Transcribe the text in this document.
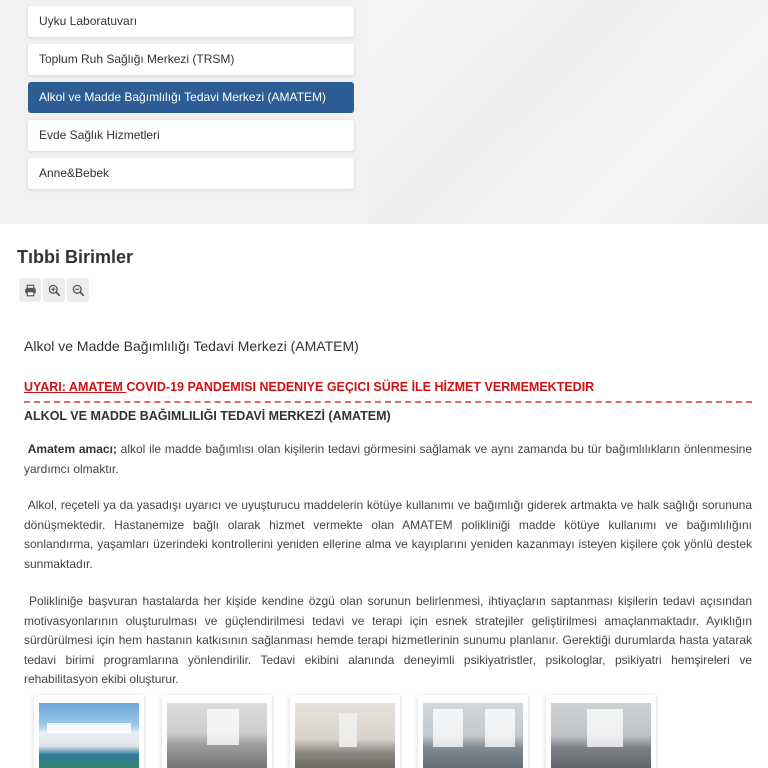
Uyku Laboratuvarı
Toplum Ruh Sağlığı Merkezi (TRSM)
Alkol ve Madde Bağımlılığı Tedavi Merkezi (AMATEM)
Evde Sağlık Hizmetleri
Anne&Bebek
Tıbbi Birimler
Alkol ve Madde Bağımlılığı Tedavi Merkezi (AMATEM)
UYARI: AMATEM COVID-19 PANDEMISI NEDENIYE GEÇICI SÜRE İLE HİZMET VERMEMEKTEDIR
ALKOL VE MADDE BAĞIMLILIĞI TEDAVİ MERKEZİ (AMATEM)

Amatem amacı; alkol ile madde bağımlısı olan kişilerin tedavi görmesini sağlamak ve aynı zamanda bu tür bağımlılıkların önlenmesine yardımcı olmaktır.

Alkol, reçeteli ya da yasadışı uyarıcı ve uyuşturucu maddelerin kötüye kullanımı ve bağımlığı giderek artmakta ve halk sağlığı sorununa dönüşmektedir. Hastanemize bağlı olarak hizmet vermekte olan AMATEM polikliniği madde kötüye kullanımı ve bağımlılığını sonlandırma, yaşamları üzerindeki kontrollerini yeniden ellerine alma ve kayıplarını yeniden kazanmayı isteyen kişilere çok yönlü destek sunmaktadır.

Polikliniğe başvuran hastalarda her kişide kendine özgü olan sorunun belirlenmesi, ihtiyaçların saptanması kişilerin tedavi açısından motivasyonlarının oluşturulması ve güçlendirilmesi tedavi ve terapi için esnek stratejiler geliştirilmesi amaçlanmaktadır. Ayıklığın sürdürülmesi için hem hastanın katkısının sağlanması hemde terapi hizmetlerinin sunumu planlanır. Gerektiği durumlarda hasta yatarak tedavi birimi programlarına yönlendirilir. Tedavi ekibini alanında deneyimli psikiyatristler, psikologlar, psikiyatri hemşireleri ve rehabilitasyon ekibi oluşturur.
